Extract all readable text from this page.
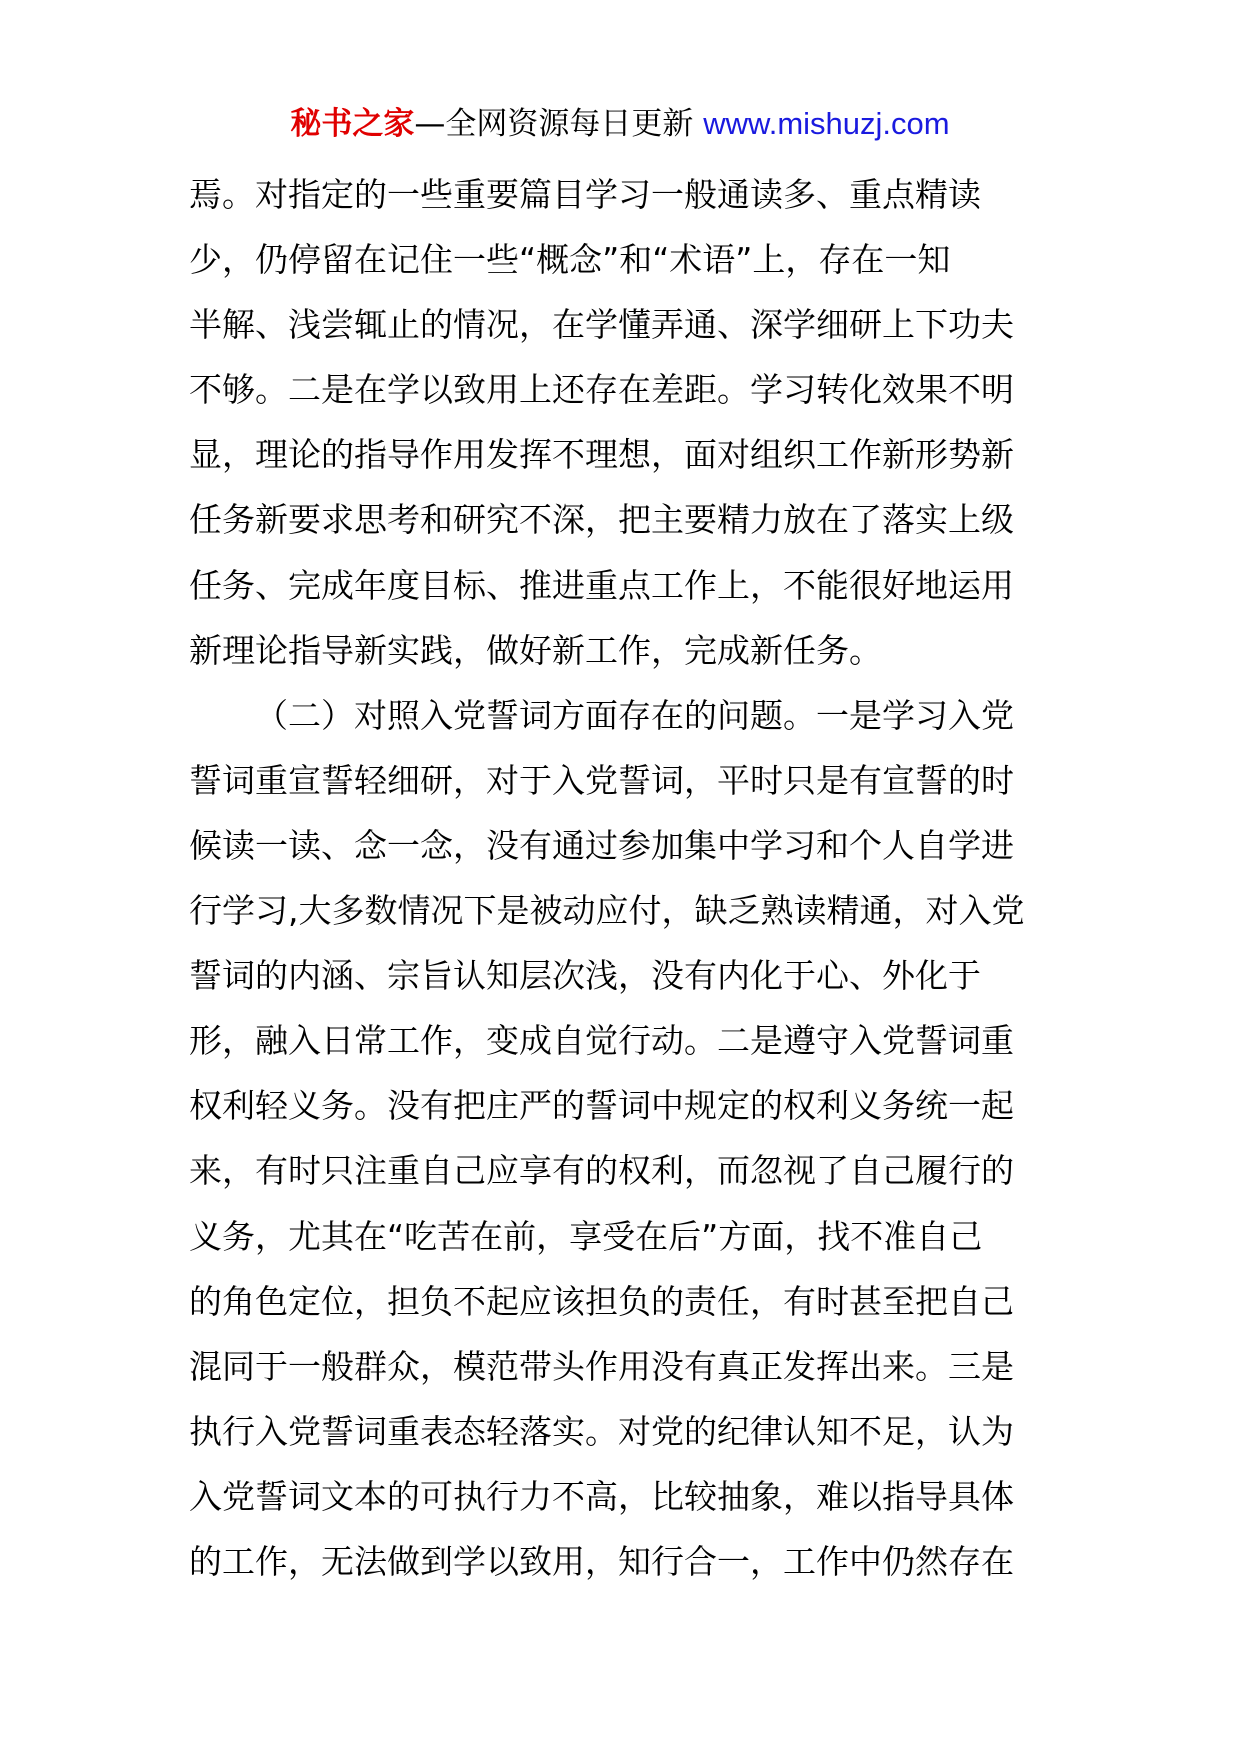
秘书之家—全网资源每日更新 www.mishuzj.com
焉。对指定的一些重要篇目学习一般通读多、重点精读
少，仍停留在记住一些“概念”和“术语”上，存在一知
半解、浅尝辄止的情况，在学懂弄通、深学细研上下功夫
不够。二是在学以致用上还存在差距。学习转化效果不明
显，理论的指导作用发挥不理想，面对组织工作新形势新
任务新要求思考和研究不深，把主要精力放在了落实上级
任务、完成年度目标、推进重点工作上，不能很好地运用
新理论指导新实践，做好新工作，完成新任务。
（二）对照入党誓词方面存在的问题。一是学习入党
誓词重宣誓轻细研，对于入党誓词，平时只是有宣誓的时
候读一读、念一念，没有通过参加集中学习和个人自学进
行学习,大多数情况下是被动应付，缺乏熟读精通，对入党
誓词的内涵、宗旨认知层次浅，没有内化于心、外化于
形，融入日常工作，变成自觉行动。二是遵守入党誓词重
权利轻义务。没有把庄严的誓词中规定的权利义务统一起
来，有时只注重自己应享有的权利，而忽视了自己履行的
义务，尤其在“吃苦在前，享受在后”方面，找不准自己
的角色定位，担负不起应该担负的责任，有时甚至把自己
混同于一般群众，模范带头作用没有真正发挥出来。三是
执行入党誓词重表态轻落实。对党的纪律认知不足，认为
入党誓词文本的可执行力不高，比较抽象，难以指导具体
的工作，无法做到学以致用，知行合一，工作中仍然存在
